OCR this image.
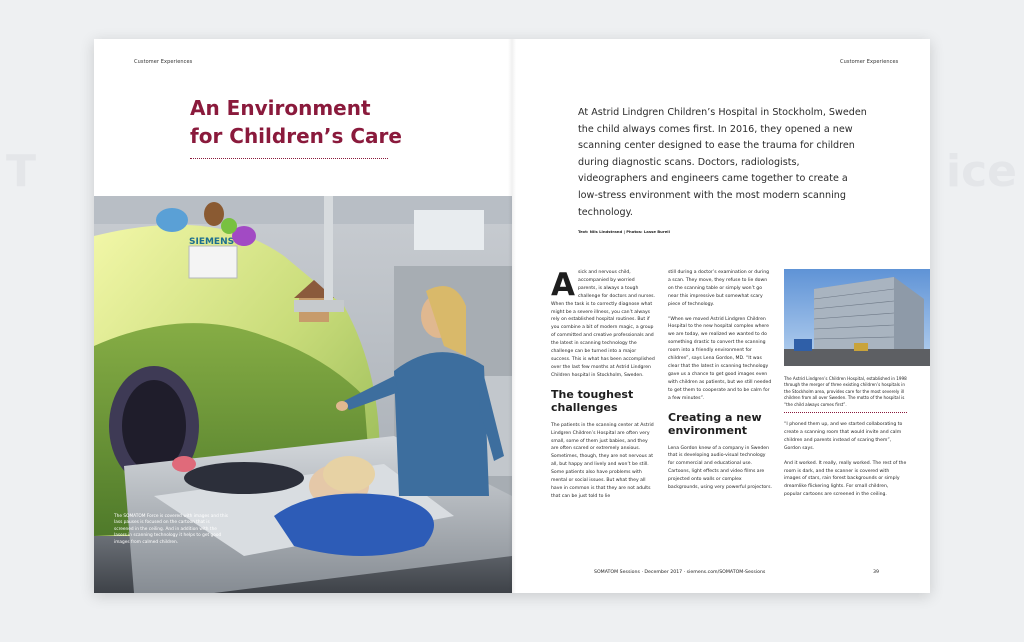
T	ice
Customer Experiences
An Environment
for Children’s Care
SIEMENS

The SOMATOM Force is covered with images and this lass pauses is focused on the cartoon that is screened in the ceiling. And in addition with the lasers in scanning technology it helps to get good images from calmed children.

Customer Experiences

At Astrid Lindgren Children’s Hospital in Stockholm, Sweden the child always comes first. In 2016, they opened a new scanning center designed to ease the trauma for children during diagnostic scans. Doctors, radiologists, videographers and engineers came together to create a low-stress environment with the most modern scanning technology.

Text: Nils Lindstrand | Photos: Lasse Burell

Asick and nervous child, accompanied by worried parents, is always a tough challenge for doctors and nurses. When the task is to correctly diagnose what might be a severe illness, you can’t always rely on established hospital routines. But if you combine a bit of modern magic, a group of committed and creative professionals and the latest in scanning technology the challenge can be turned into a major success. This is what has been accomplished over the last few months at Astrid Lindgren Children hospital in Stockholm, Sweden.

The toughest challenges

The patients in the scanning center at Astrid Lindgren Children’s Hospital are often very small, some of them just babies, and they are often scared or extremely anxious. Sometimes, though, they are not nervous at all, but happy and lively and won’t be still. Some patients also have problems with mental or social issues. But what they all have in common is that they are not adults that can be just told to lie

still during a doctor’s examination or during a scan. They move, they refuse to lie down on the scanning table or simply won’t go near this impressive but somewhat scary piece of technology.

“When we moved Astrid Lindgren Children Hospital to the new hospital complex where we are today, we realized we wanted to do something drastic to convert the scanning room into a friendly environment for children”, says Lena Gordon, MD. “It was clear that the latest in scanning technology gave us a chance to get good images even with children as patients, but we still needed to get them to cooperate and to be calm for a few minutes”.

Creating a new environment

Lena Gordon knew of a company in Sweden that is developing audio-visual technology for commercial and educational use. Cartoons, light effects and video films are projected onto walls or complex backgrounds, using very powerful projectors.

The Astrid Lindgren’s Children Hospital, established in 1998 through the merger of three existing children’s hospitals in the Stockholm area, provides care for the most severely ill children from all over Sweden. The motto of the hospital is “the child always comes first”.

“I phoned them up, and we started collaborating to create a scanning room that would invite and calm children and parents instead of scaring them”, Gordon says.

And it worked. It really, really worked. The rest of the room is dark, and the scanner is covered with images of stars, rain forest backgrounds or simply dreamlike flickering lights. For small children, popular cartoons are screened in the ceiling.

SOMATOM Sessions · December 2017 · siemens.com/SOMATOM-Sessions	39
